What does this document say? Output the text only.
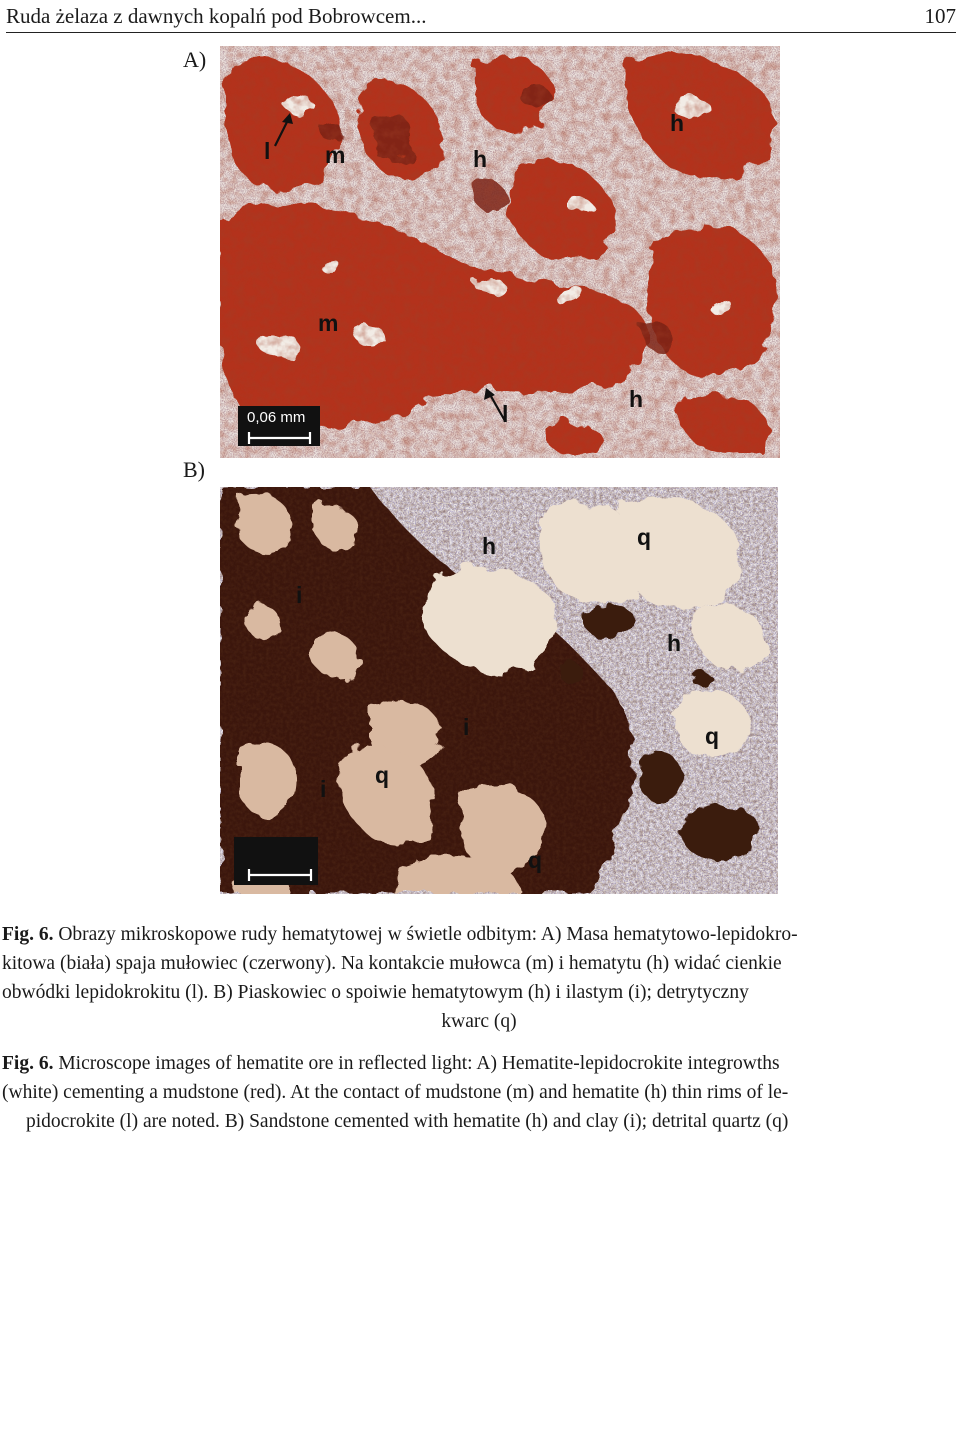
Ruda żelaza z dawnych kopalń pod Bobrowcem...	107
A)
B)
l m	h
h
m
l
h
0,06 mm
h	q
i
h
i
q
i
q
q

Fig. 6. Obrazy mikroskopowe rudy hematytowej w świetle odbitym: A) Masa hematytowo-lepidokro-

kitowa (biała) spaja mułowiec (czerwony). Na kontakcie mułowca (m) i hematytu (h) widać cienkie

obwódki lepidokrokitu (l). B) Piaskowiec o spoiwie hematytowym (h) i ilastym (i); detrytyczny

kwarc (q)

Fig. 6. Microscope images of hematite ore in reflected light: A) Hematite-lepidocrokite integrowths

(white) cementing a mudstone (red). At the contact of mudstone (m) and hematite (h) thin rims of le-

pidocrokite (l) are noted. B) Sandstone cemented with hematite (h) and clay (i); detrital quartz (q)
